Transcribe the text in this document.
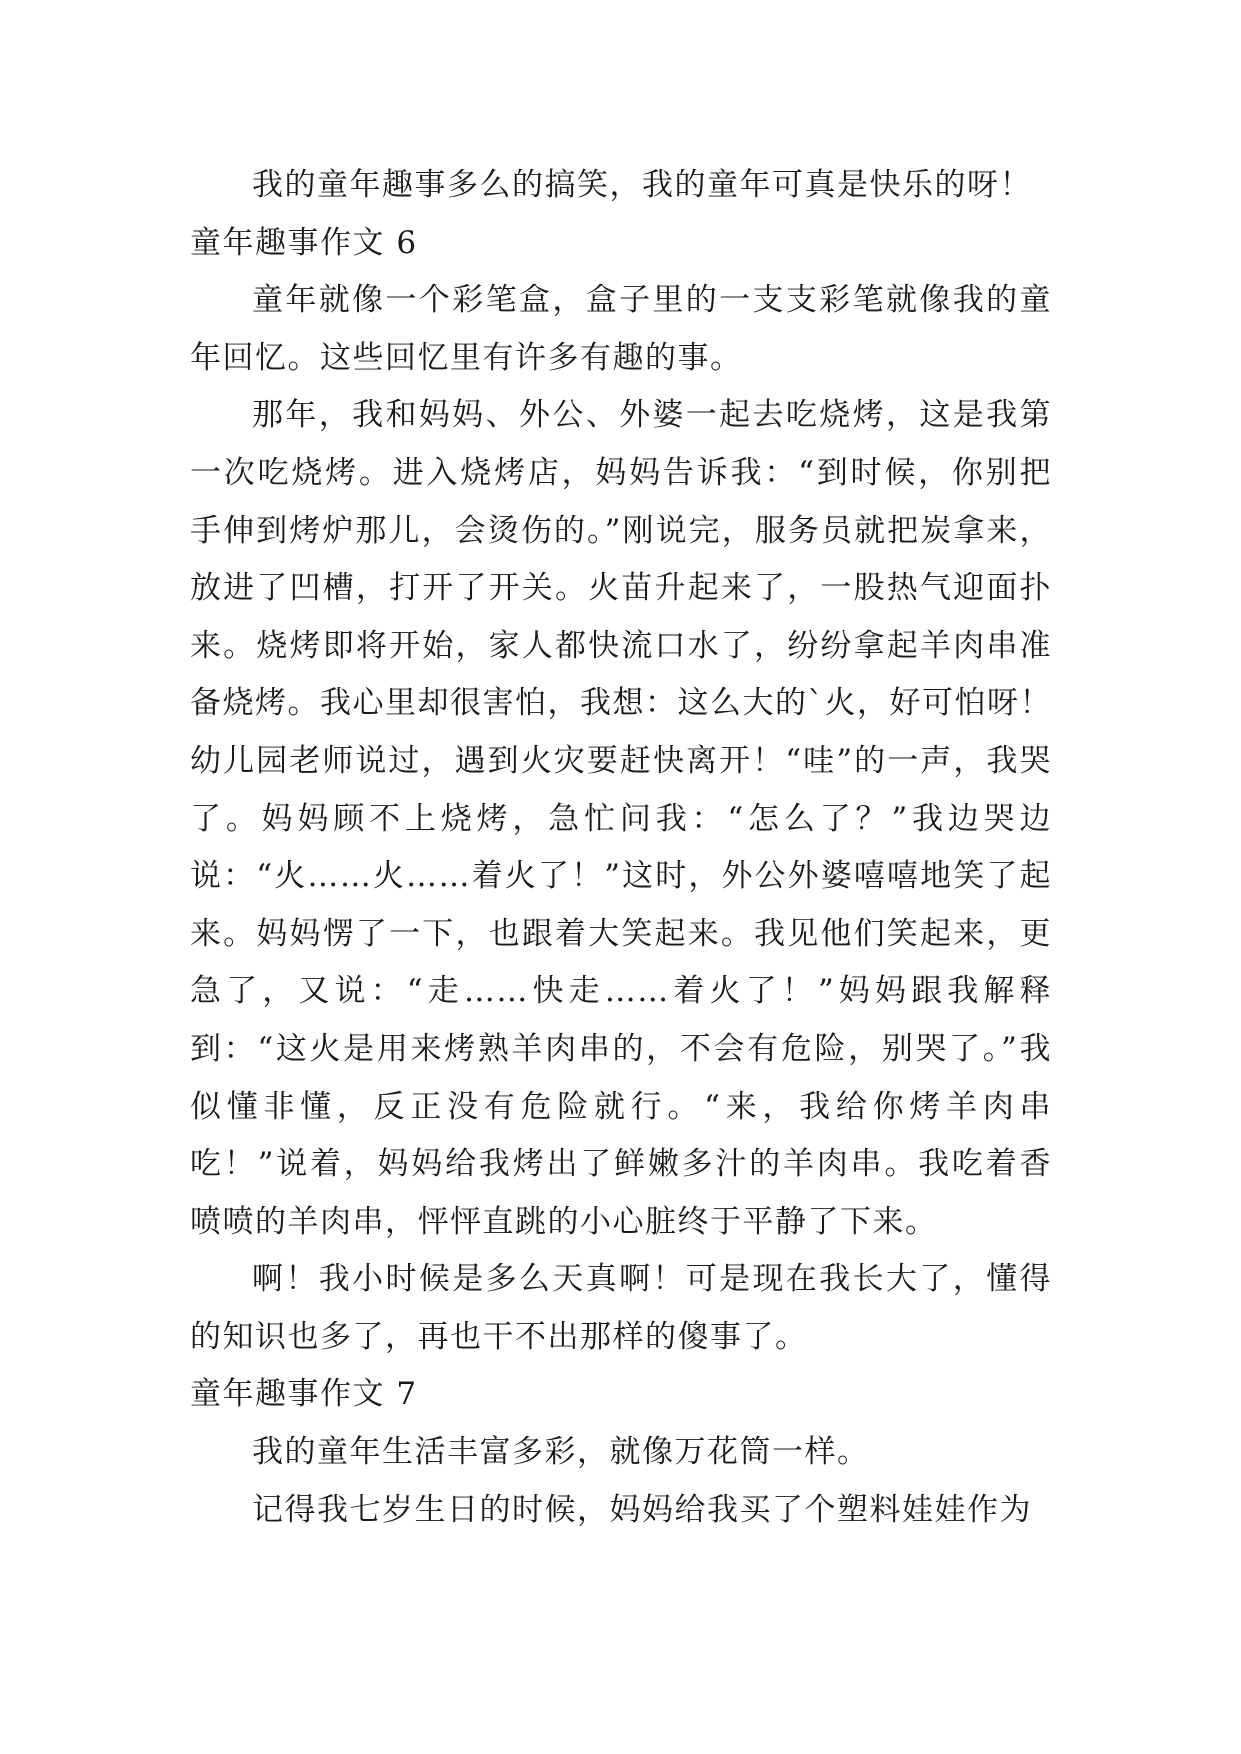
我的童年趣事多么的搞笑，我的童年可真是快乐的呀！

童年趣事作文 6

童年就像一个彩笔盒，盒子里的一支支彩笔就像我的童年回忆。这些回忆里有许多有趣的事。

那年，我和妈妈、外公、外婆一起去吃烧烤，这是我第一次吃烧烤。进入烧烤店，妈妈告诉我：“到时候，你别把手伸到烤炉那儿，会烫伤的。”刚说完，服务员就把炭拿来，放进了凹槽，打开了开关。火苗升起来了，一股热气迎面扑来。烧烤即将开始，家人都快流口水了，纷纷拿起羊肉串准备烧烤。我心里却很害怕，我想：这么大的`火，好可怕呀！幼儿园老师说过，遇到火灾要赶快离开！“哇”的一声，我哭了。妈妈顾不上烧烤，急忙问我：“怎么了？”我边哭边说：“火……火……着火了！”这时，外公外婆嘻嘻地笑了起来。妈妈愣了一下，也跟着大笑起来。我见他们笑起来，更急了，又说：“走……快走……着火了！”妈妈跟我解释到：“这火是用来烤熟羊肉串的，不会有危险，别哭了。”我似懂非懂，反正没有危险就行。“来，我给你烤羊肉串吃！”说着，妈妈给我烤出了鲜嫩多汁的羊肉串。我吃着香喷喷的羊肉串，怦怦直跳的小心脏终于平静了下来。

啊！我小时候是多么天真啊！可是现在我长大了，懂得的知识也多了，再也干不出那样的傻事了。

童年趣事作文 7

我的童年生活丰富多彩，就像万花筒一样。

记得我七岁生日的时候，妈妈给我买了个塑料娃娃作为
